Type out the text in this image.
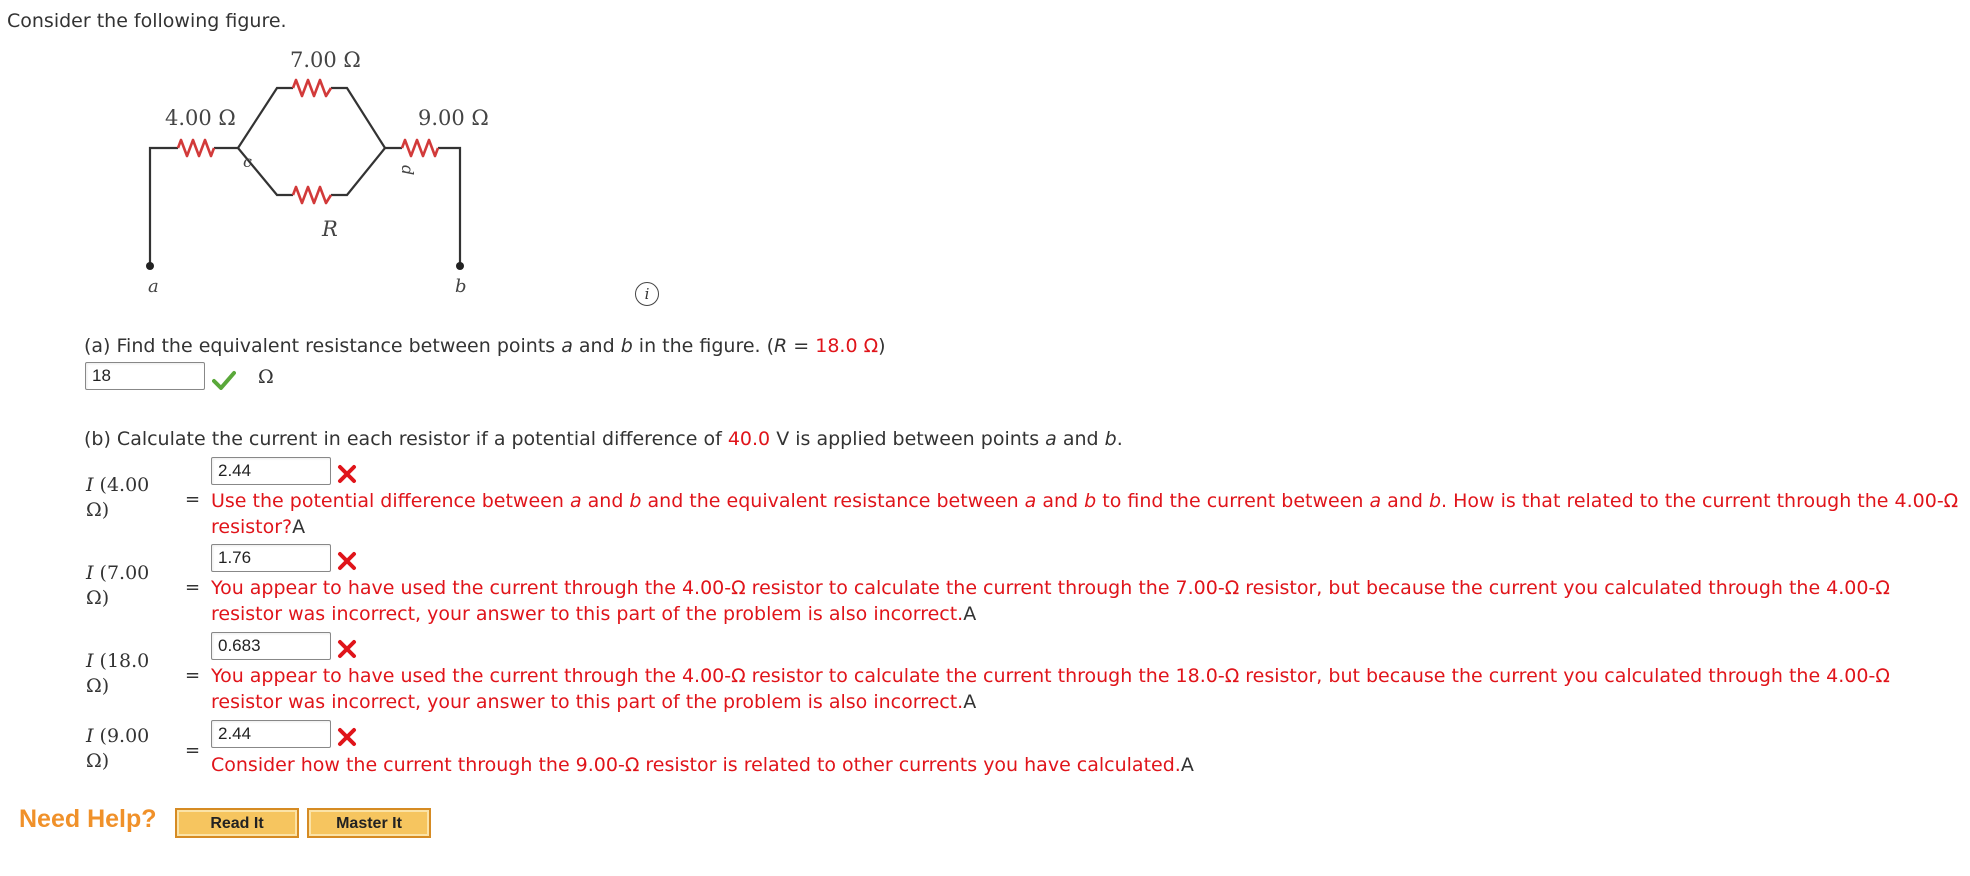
Consider the following figure.
4.00 Ω
7.00 Ω
9.00 Ω
R
a	b
c	d
i
(a) Find the equivalent resistance between points a and b in the figure. (R = 18.0 Ω)
18	Ω
(b) Calculate the current in each resistor if a potential difference of 40.0 V is applied between points a and b.
I (4.00
Ω)	=
2.44
Use the potential difference between a and b and the equivalent resistance between a and b to find the current between a and b. How is that related to the current through the 4.00-Ω resistor?A
I (7.00
Ω)	=
1.76
You appear to have used the current through the 4.00-Ω resistor to calculate the current through the 7.00-Ω resistor, but because the current you calculated through the 4.00-Ω resistor was incorrect, your answer to this part of the problem is also incorrect.A
I (18.0
Ω)	=
0.683
You appear to have used the current through the 4.00-Ω resistor to calculate the current through the 18.0-Ω resistor, but because the current you calculated through the 4.00-Ω resistor was incorrect, your answer to this part of the problem is also incorrect.A
I (9.00
Ω)	=
2.44
Consider how the current through the 9.00-Ω resistor is related to other currents you have calculated.A
Need Help?	Read It	Master It
